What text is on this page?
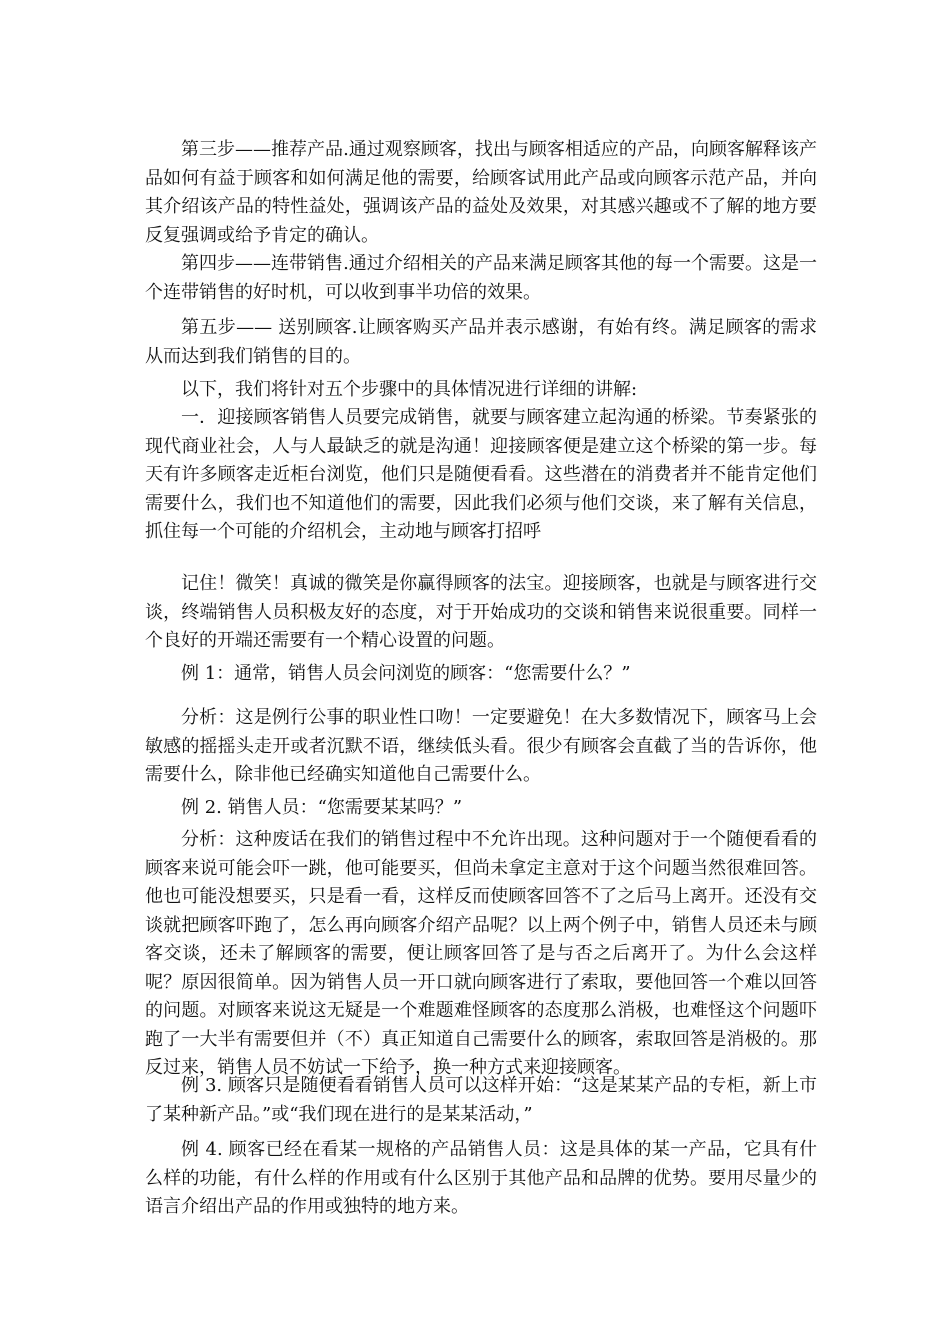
第三步——推荐产品.通过观察顾客，找出与顾客相适应的产品，向顾客解释该产品如何有益于顾客和如何满足他的需要，给顾客试用此产品或向顾客示范产品，并向其介绍该产品的特性益处，强调该产品的益处及效果，对其感兴趣或不了解的地方要反复强调或给予肯定的确认。

第四步——连带销售.通过介绍相关的产品来满足顾客其他的每一个需要。这是一个连带销售的好时机，可以收到事半功倍的效果。

第五步—— 送别顾客.让顾客购买产品并表示感谢，有始有终。满足顾客的需求从而达到我们销售的目的。

以下，我们将针对五个步骤中的具体情况进行详细的讲解:

一．迎接顾客销售人员要完成销售，就要与顾客建立起沟通的桥梁。节奏紧张的现代商业社会，人与人最缺乏的就是沟通！迎接顾客便是建立这个桥梁的第一步。每天有许多顾客走近柜台浏览，他们只是随便看看。这些潜在的消费者并不能肯定他们需要什么，我们也不知道他们的需要，因此我们必须与他们交谈，来了解有关信息，抓住每一个可能的介绍机会，主动地与顾客打招呼

记住！微笑！真诚的微笑是你赢得顾客的法宝。迎接顾客，也就是与顾客进行交谈，终端销售人员积极友好的态度，对于开始成功的交谈和销售来说很重要。同样一个良好的开端还需要有一个精心设置的问题。

例 1：通常，销售人员会问浏览的顾客：“您需要什么？”

分析：这是例行公事的职业性口吻！一定要避免！在大多数情况下，顾客马上会敏感的摇摇头走开或者沉默不语，继续低头看。很少有顾客会直截了当的告诉你，他需要什么，除非他已经确实知道他自己需要什么。

例 2. 销售人员：“您需要某某吗？”

分析：这种废话在我们的销售过程中不允许出现。这种问题对于一个随便看看的顾客来说可能会吓一跳，他可能要买，但尚未拿定主意对于这个问题当然很难回答。他也可能没想要买，只是看一看，这样反而使顾客回答不了之后马上离开。还没有交谈就把顾客吓跑了，怎么再向顾客介绍产品呢？以上两个例子中，销售人员还未与顾客交谈，还未了解顾客的需要，便让顾客回答了是与否之后离开了。为什么会这样呢？原因很简单。因为销售人员一开口就向顾客进行了索取，要他回答一个难以回答的问题。对顾客来说这无疑是一个难题难怪顾客的态度那么消极，也难怪这个问题吓跑了一大半有需要但并（不）真正知道自己需要什么的顾客，索取回答是消极的。那反过来，销售人员不妨试一下给予，换一种方式来迎接顾客。

例 3. 顾客只是随便看看销售人员可以这样开始：“这是某某产品的专柜，新上市了某种新产品。”或“我们现在进行的是某某活动，”

例 4. 顾客已经在看某一规格的产品销售人员：这是具体的某一产品，它具有什么样的功能，有什么样的作用或有什么区别于其他产品和品牌的优势。要用尽量少的语言介绍出产品的作用或独特的地方来。
